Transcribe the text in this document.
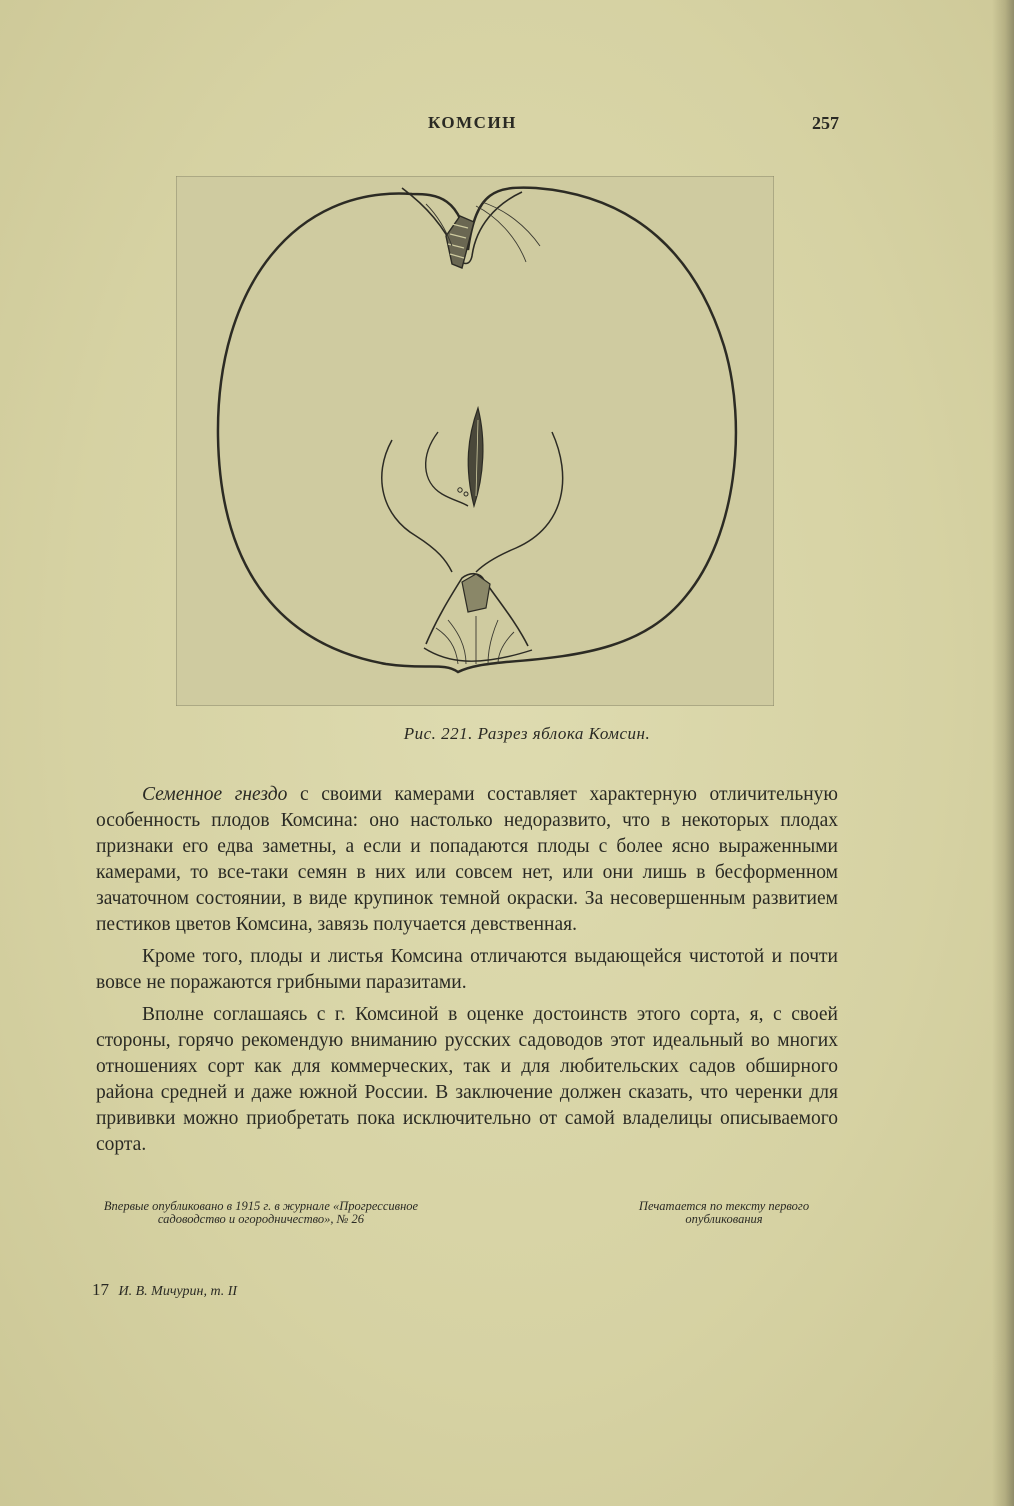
КОМСИН	257
Рис. 221. Разрез яблока Комсин.

Семенное гнездо с своими камерами составляет характерную отличительную особенность плодов Комсина: оно настолько недоразвито, что в некоторых плодах признаки его едва заметны, а если и попадаются плоды с более ясно выраженными камерами, то все-таки семян в них или совсем нет, или они лишь в бесформенном зачаточном состоянии, в виде крупинок темной окраски. За несовершенным развитием пестиков цветов Комсина, завязь получается девственная.

Кроме того, плоды и листья Комсина отличаются выдающейся чистотой и почти вовсе не поражаются грибными паразитами.

Вполне соглашаясь с г. Комсиной в оценке достоинств этого сорта, я, с своей стороны, горячо рекомендую вниманию русских садоводов этот идеальный во многих отношениях сорт как для коммерческих, так и для любительских садов обширного района средней и даже южной России. В заключение должен сказать, что черенки для прививки можно приобретать пока исключительно от самой владелицы описываемого сорта.

Впервые опубликовано в 1915 г. в журнале «Прогрессивное садоводство и огородничество», № 26
Печатается по тексту первого опубликования
17 И. В. Мичурин, т. II
